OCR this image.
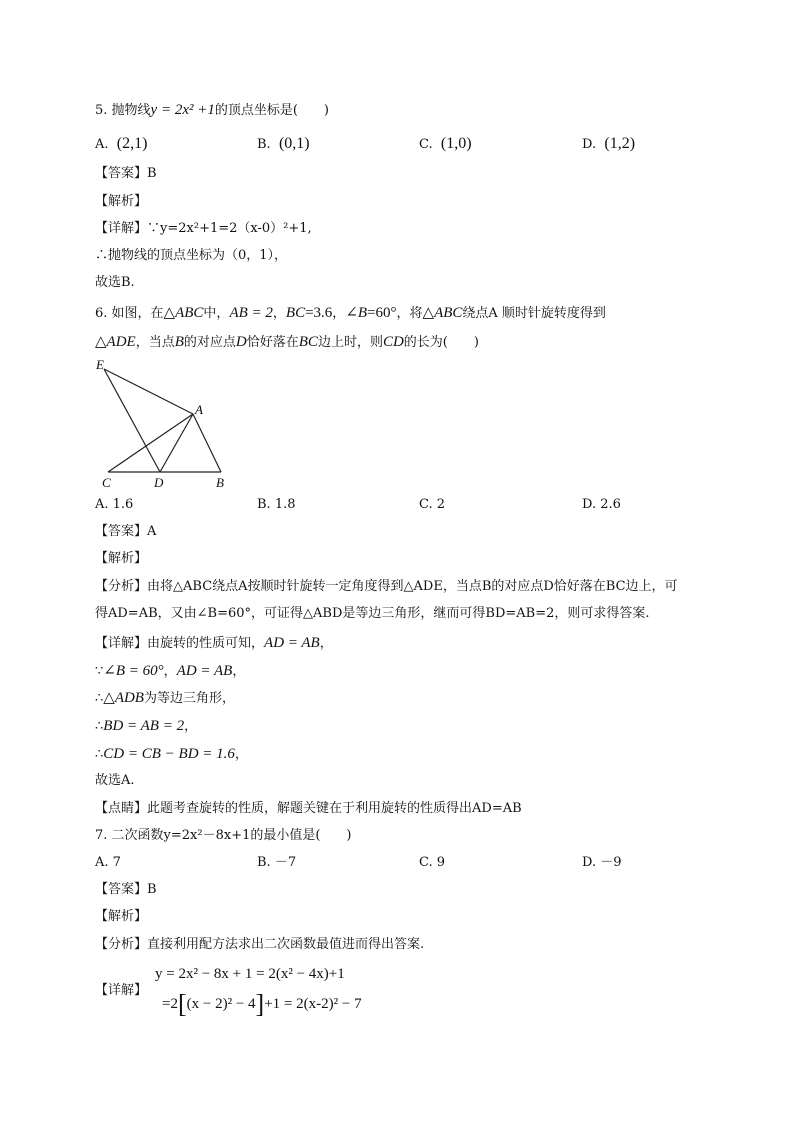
5. 抛物线y = 2x² +1的顶点坐标是(　　)
A. (2,1)	B. (0,1)	C. (1,0)	D. (1,2)
【答案】B
【解析】
【详解】∵y=2x²+1=2（x-0）²+1,
∴抛物线的顶点坐标为（0，1），
故选B.
6. 如图，在△ABC中，AB = 2，BC=3.6，∠B=60°，将△ABC绕点A 顺时针旋转度得到
△ADE，当点B的对应点D恰好落在BC边上时，则CD的长为(　　)
E
A
C	D	B
A. 1.6	B. 1.8	C. 2	D. 2.6
【答案】A
【解析】
【分析】由将△ABC绕点A按顺时针旋转一定角度得到△ADE，当点B的对应点D恰好落在BC边上，可
得AD=AB，又由∠B=60°，可证得△ABD是等边三角形，继而可得BD=AB=2，则可求得答案.
【详解】由旋转的性质可知，AD = AB，
∵∠B = 60°，AD = AB，
∴△ADB为等边三角形，
∴BD = AB = 2，
∴CD = CB − BD = 1.6，
故选A.
【点睛】此题考查旋转的性质，解题关键在于利用旋转的性质得出AD=AB
7. 二次函数y=2x²－8x+1的最小值是(　　)
A. 7	B. －7	C. 9	D. －9
【答案】B
【解析】
【分析】直接利用配方法求出二次函数最值进而得出答案.
【详解】
y = 2x² − 8x + 1 = 2(x² − 4x)+1
=2[(x − 2)² − 4]+1 = 2(x-2)² − 7
